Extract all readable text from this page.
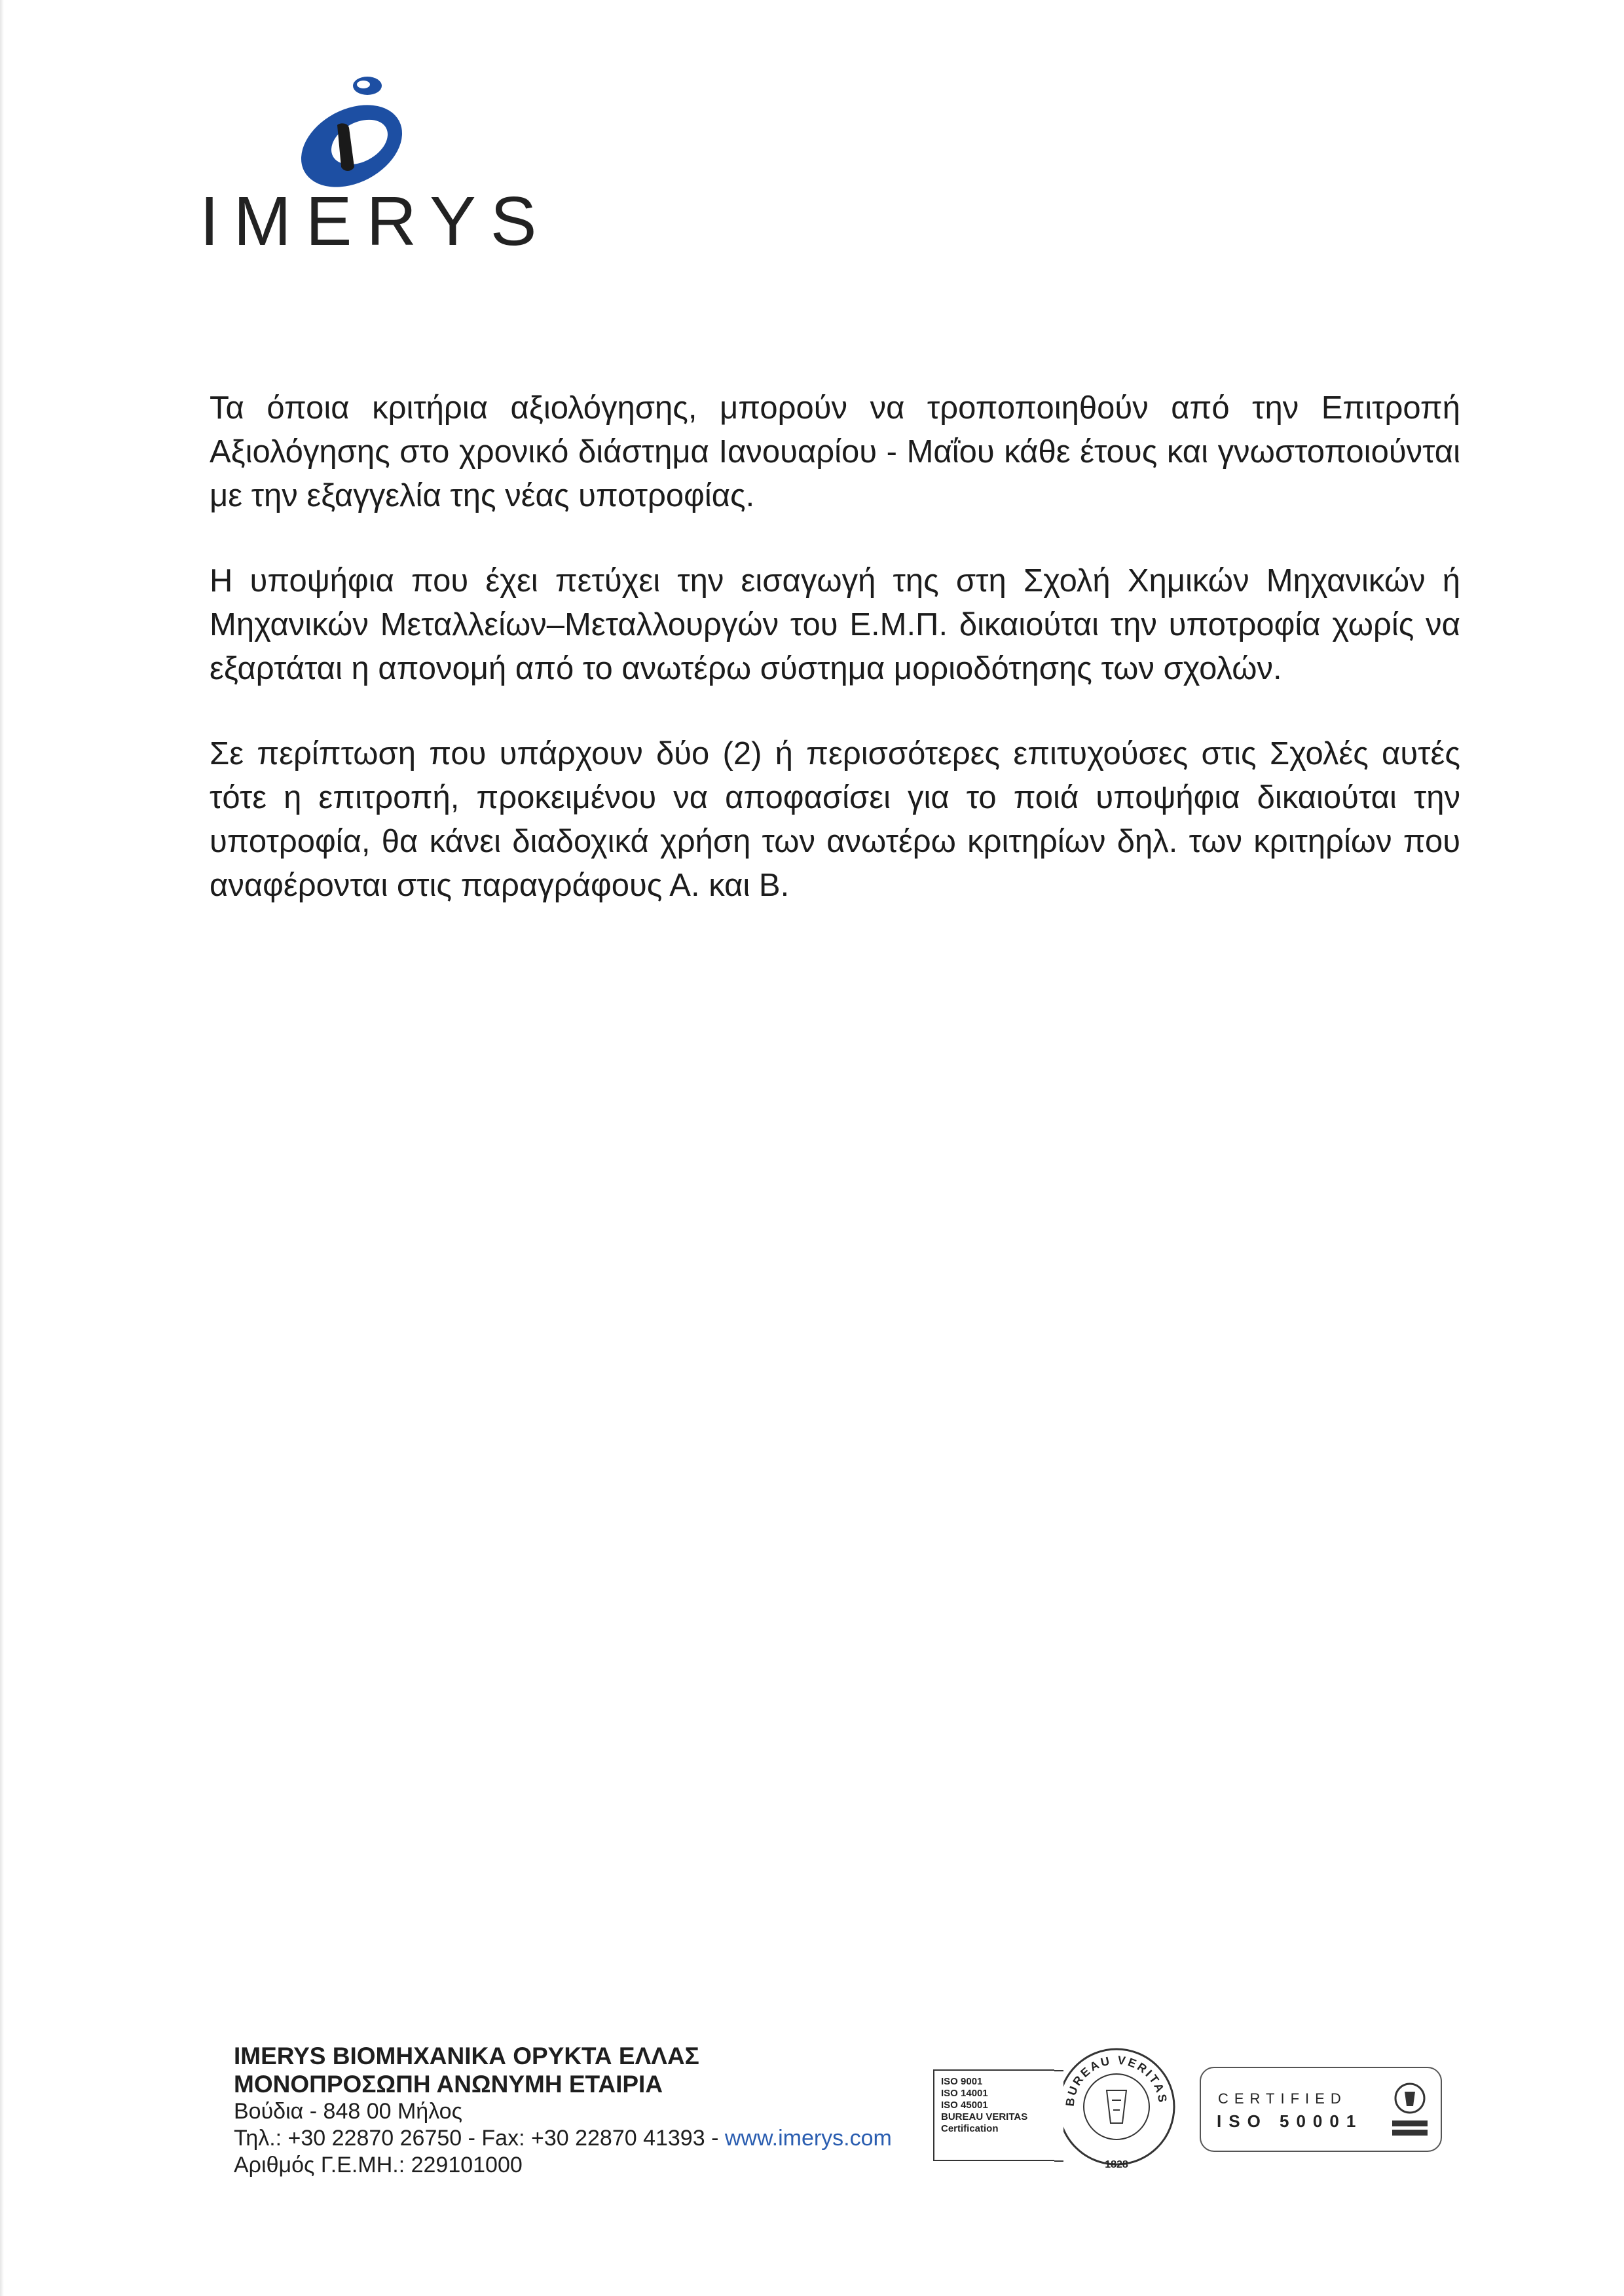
IMERYS

Τα όποια κριτήρια αξιολόγησης, μπορούν να τροποποιηθούν από την Επιτροπή Αξιολόγησης στο χρονικό διάστημα Ιανουαρίου - Μαΐου κάθε έτους και γνωστοποιούνται με την εξαγγελία της νέας υποτροφίας.

Η υποψήφια που έχει πετύχει την εισαγωγή της στη Σχολή Χημικών Μηχανικών ή Μηχανικών Μεταλλείων–Μεταλλουργών του Ε.Μ.Π. δικαιούται την υποτροφία χωρίς να εξαρτάται η απονομή από το ανωτέρω σύστημα μοριοδότησης των σχολών.

Σε περίπτωση που υπάρχουν δύο (2) ή περισσότερες επιτυχούσες στις Σχολές αυτές τότε η επιτροπή, προκειμένου να αποφασίσει για το ποιά υποψήφια δικαιούται την υποτροφία, θα κάνει διαδοχικά χρήση των ανωτέρω κριτηρίων δηλ. των κριτηρίων που αναφέρονται στις παραγράφους Α. και Β.

IMERYS ΒΙΟΜΗΧΑΝΙΚΑ ΟΡΥΚΤΑ ΕΛΛΑΣ
ΜΟΝΟΠΡΟΣΩΠΗ ΑΝΩΝΥΜΗ ΕΤΑΙΡΙΑ
Βούδια - 848 00 Μήλος
Τηλ.: +30 22870 26750 - Fax: +30 22870 41393 - www.imerys.com
Αριθμός Γ.Ε.ΜΗ.: 229101000
ISO 9001
ISO 14001
ISO 45001
BUREAU VERITAS
Certification
BUREAU VERITAS
1828
CERTIFIED
ISO 50001
